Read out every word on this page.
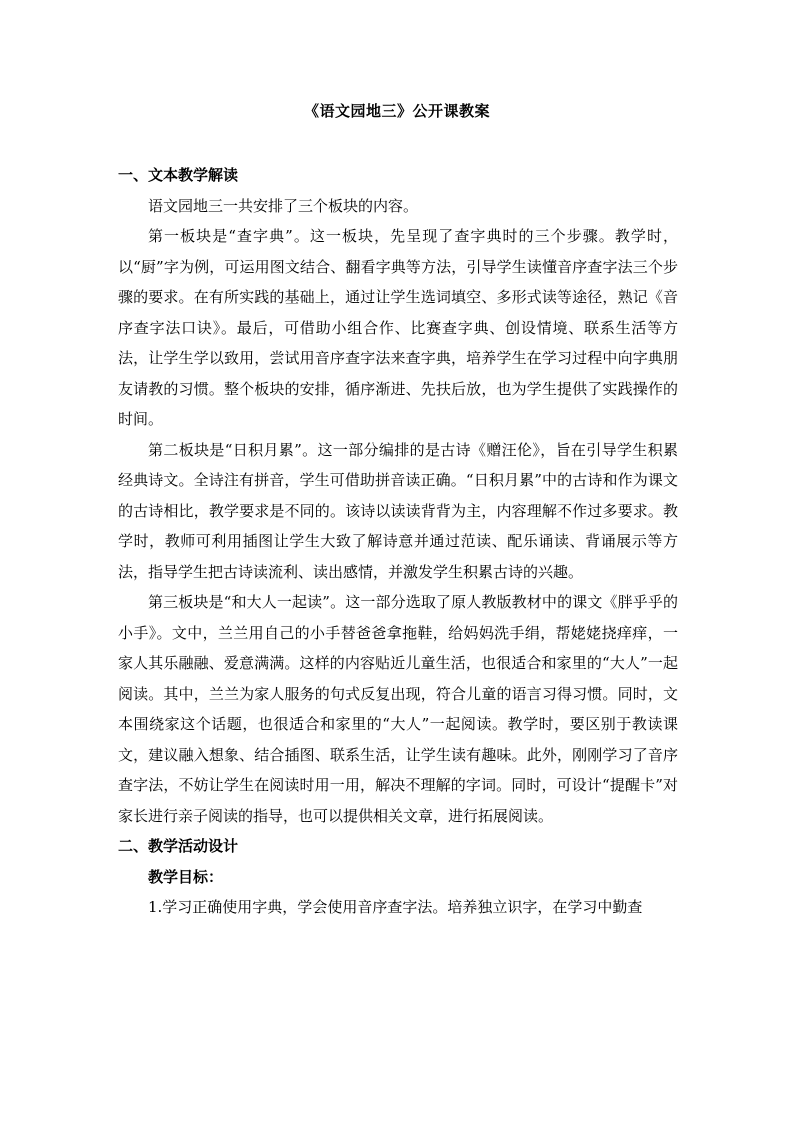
《语文园地三》公开课教案

一、文本教学解读

语文园地三一共安排了三个板块的内容。

第一板块是“查字典”。这一板块，先呈现了查字典时的三个步骤。教学时，以“厨”字为例，可运用图文结合、翻看字典等方法，引导学生读懂音序查字法三个步骤的要求。在有所实践的基础上，通过让学生选词填空、多形式读等途径，熟记《音序查字法口诀》。最后，可借助小组合作、比赛查字典、创设情境、联系生活等方法，让学生学以致用，尝试用音序查字法来查字典，培养学生在学习过程中向字典朋友请教的习惯。整个板块的安排，循序渐进、先扶后放，也为学生提供了实践操作的时间。

第二板块是“日积月累”。这一部分编排的是古诗《赠汪伦》，旨在引导学生积累经典诗文。全诗注有拼音，学生可借助拼音读正确。“日积月累”中的古诗和作为课文的古诗相比，教学要求是不同的。该诗以读读背背为主，内容理解不作过多要求。教学时，教师可利用插图让学生大致了解诗意并通过范读、配乐诵读、背诵展示等方法，指导学生把古诗读流利、读出感情，并激发学生积累古诗的兴趣。

第三板块是“和大人一起读”。这一部分选取了原人教版教材中的课文《胖乎乎的小手》。文中，兰兰用自己的小手替爸爸拿拖鞋，给妈妈洗手绢，帮姥姥挠痒痒，一家人其乐融融、爱意满满。这样的内容贴近儿童生活，也很适合和家里的“大人”一起阅读。其中，兰兰为家人服务的句式反复出现，符合儿童的语言习得习惯。同时，文本围绕家这个话题，也很适合和家里的“大人”一起阅读。教学时，要区别于教读课文，建议融入想象、结合插图、联系生活，让学生读有趣味。此外，刚刚学习了音序查字法，不妨让学生在阅读时用一用，解决不理解的字词。同时，可设计“提醒卡”对家长进行亲子阅读的指导，也可以提供相关文章，进行拓展阅读。

二、教学活动设计

教学目标：

1.学习正确使用字典，学会使用音序查字法。培养独立识字，在学习中勤查
